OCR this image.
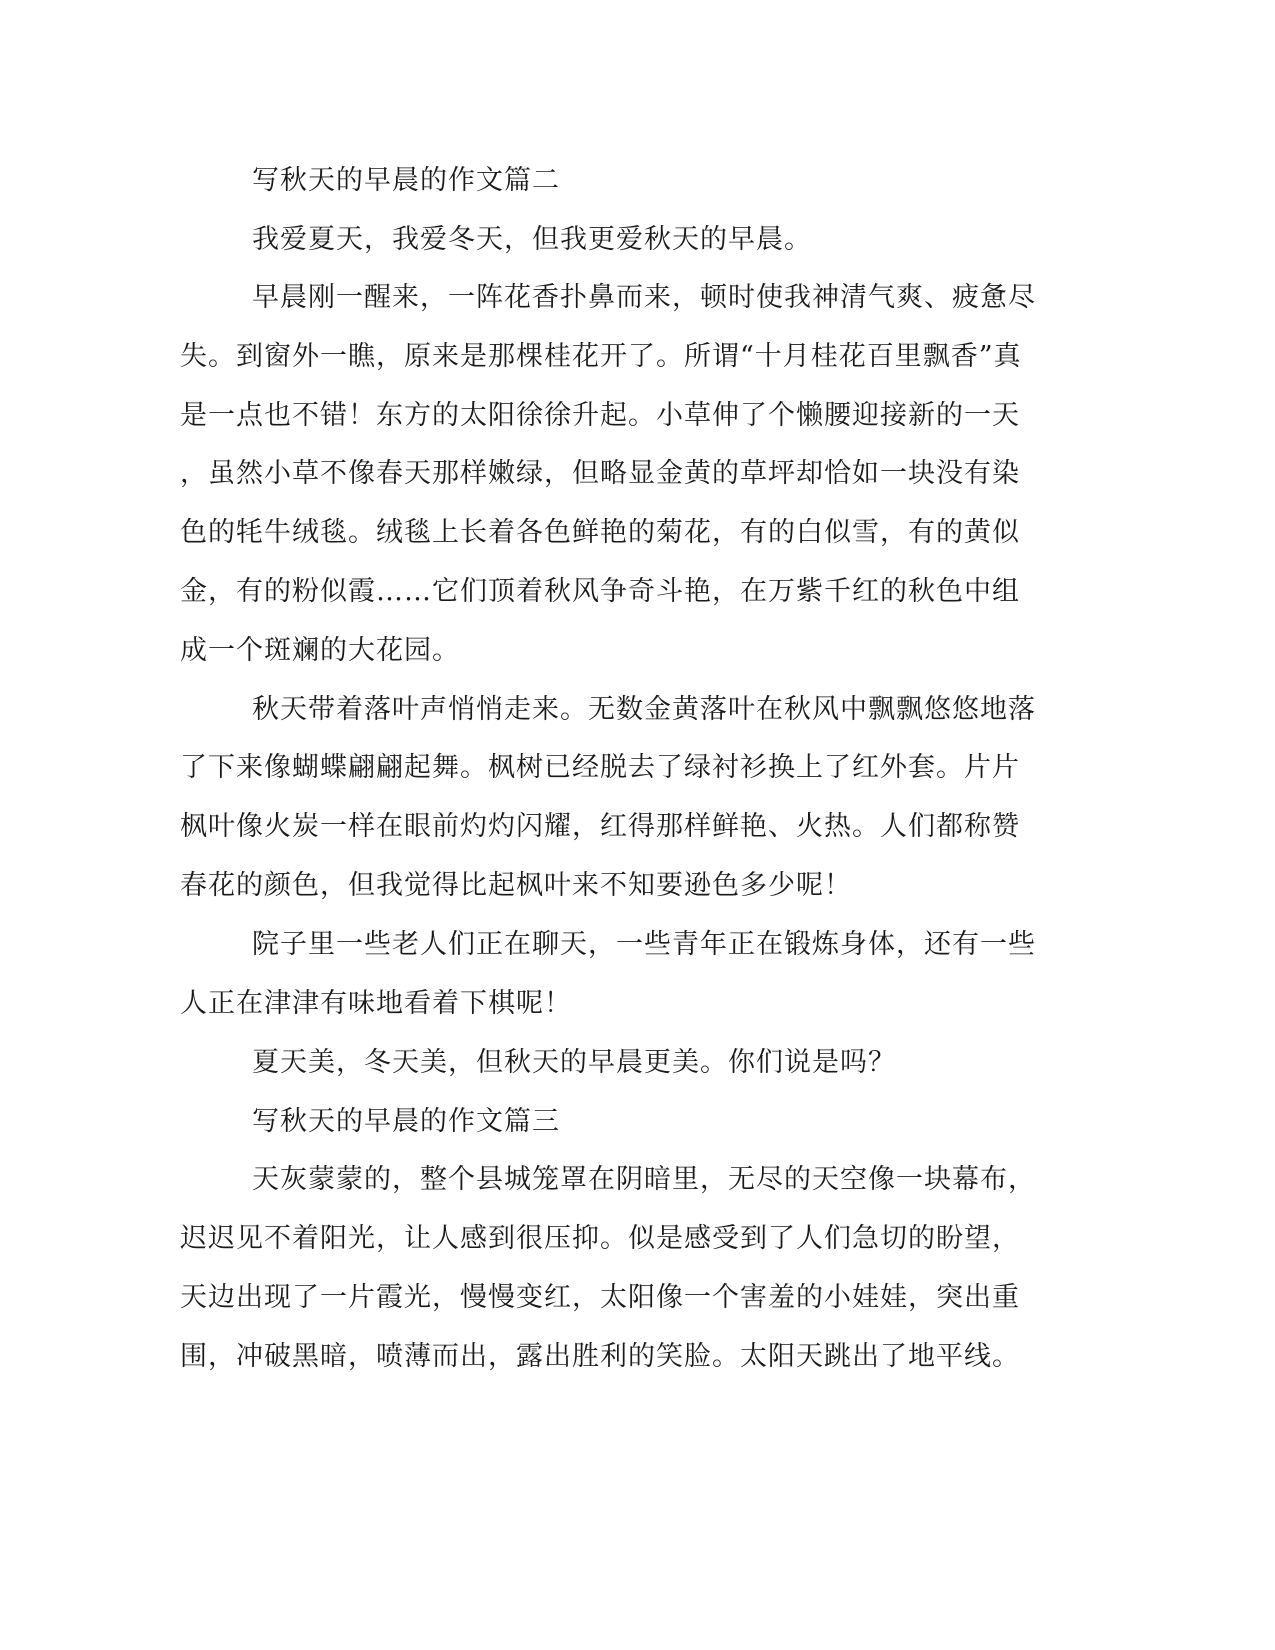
写秋天的早晨的作文篇二

我爱夏天，我爱冬天，但我更爱秋天的早晨。

早晨刚一醒来，一阵花香扑鼻而来，顿时使我神清气爽、疲惫尽

失。到窗外一瞧，原来是那棵桂花开了。所谓“十月桂花百里飘香”真

是一点也不错！东方的太阳徐徐升起。小草伸了个懒腰迎接新的一天

，虽然小草不像春天那样嫩绿，但略显金黄的草坪却恰如一块没有染

色的牦牛绒毯。绒毯上长着各色鲜艳的菊花，有的白似雪，有的黄似

金，有的粉似霞……它们顶着秋风争奇斗艳，在万紫千红的秋色中组

成一个斑斓的大花园。

秋天带着落叶声悄悄走来。无数金黄落叶在秋风中飘飘悠悠地落

了下来像蝴蝶翩翩起舞。枫树已经脱去了绿衬衫换上了红外套。片片

枫叶像火炭一样在眼前灼灼闪耀，红得那样鲜艳、火热。人们都称赞

春花的颜色，但我觉得比起枫叶来不知要逊色多少呢！

院子里一些老人们正在聊天，一些青年正在锻炼身体，还有一些

人正在津津有味地看着下棋呢！

夏天美，冬天美，但秋天的早晨更美。你们说是吗？

写秋天的早晨的作文篇三

天灰蒙蒙的，整个县城笼罩在阴暗里，无尽的天空像一块幕布，

迟迟见不着阳光，让人感到很压抑。似是感受到了人们急切的盼望，

天边出现了一片霞光，慢慢变红，太阳像一个害羞的小娃娃，突出重

围，冲破黑暗，喷薄而出，露出胜利的笑脸。太阳天跳出了地平线。
